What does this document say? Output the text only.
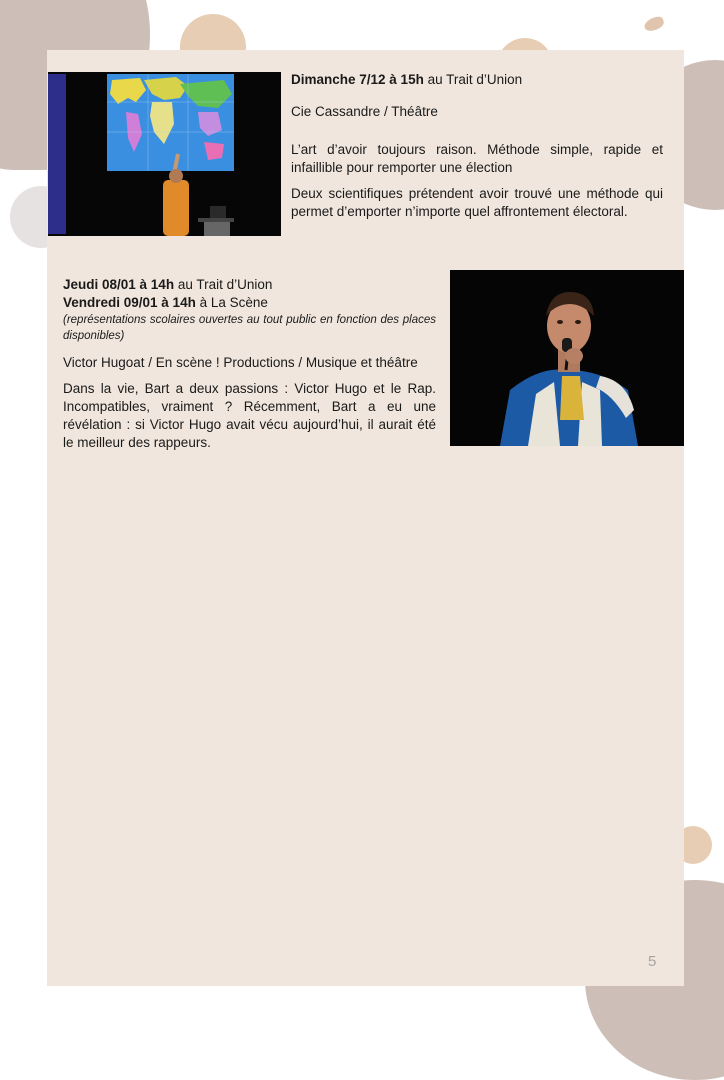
Dimanche 7/12 à 15h au Trait d’Union

Cie Cassandre / Théâtre

L’art d’avoir toujours raison. Méthode simple, rapide et infaillible pour remporter une élection

Deux scientifiques prétendent avoir trouvé une méthode qui permet d’emporter n’importe quel affrontement électoral.

Jeudi 08/01 à 14h au Trait d’Union

Vendredi 09/01 à 14h à La Scène

(représentations scolaires ouvertes au tout public en fonction des places disponibles)

Victor Hugoat / En scène ! Productions / Musique et théâtre

Dans la vie, Bart a deux passions : Victor Hugo et le Rap. Incompatibles, vraiment ? Récemment, Bart a eu une révélation : si Victor Hugo avait vécu aujourd’hui, il aurait été le meilleur des rappeurs.

5
